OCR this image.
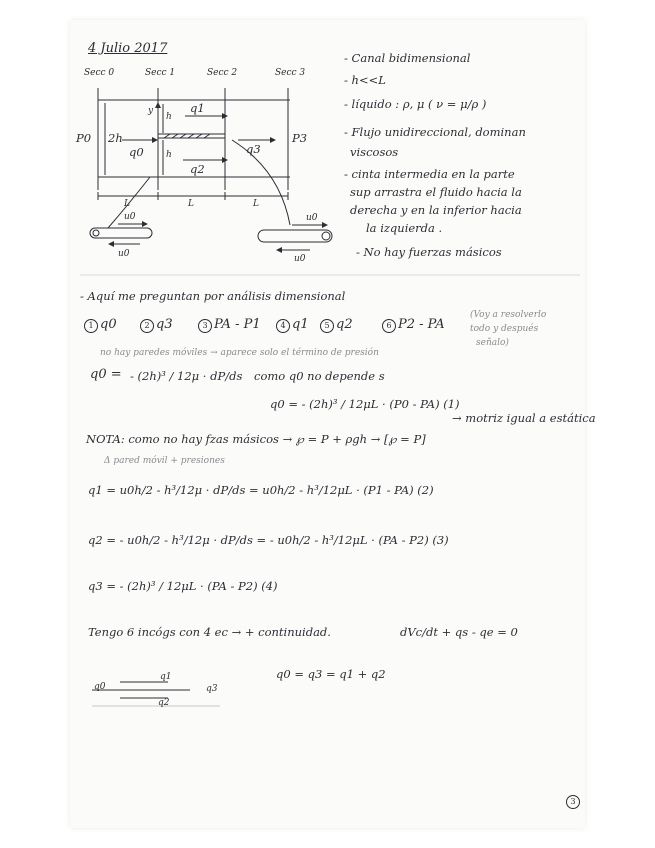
4 Julio 2017
Secc 0	Secc 1	Secc 2	Secc 3
P0	P3
2h
y
h
h
q0
q1
q2
q3
L	L	L
u0
u0
u0
u0
- Canal bidimensional
- h<<L
- líquido : ρ, μ ( ν = μ/ρ )
- Flujo unidireccional, dominan
viscosos
- cinta intermedia en la parte
sup arrastra el fluido hacia la
derecha y en la inferior hacia
la izquierda .
- No hay fuerzas másicos
- Aquí me preguntan por análisis dimensional
1 q0	2 q3	3 PA - P1	4 q1	5 q2	6 P2 - PA
(Voy a resolverlo
todo y después
señalo)
no hay paredes móviles → aparece solo el término de presión
q0 = - (2h)³ / 12μ · dP/ds como q0 no depende s
q0 = - (2h)³ / 12μL · (P0 - PA) (1)
NOTA: como no hay fzas másicos → ℘ = P + ρgh → [℘ = P]
→ motriz igual a estática
Δ pared móvil + presiones
q1 = u0h/2 - h³/12μ · dP/ds = u0h/2 - h³/12μL · (P1 - PA) (2)
q2 = - u0h/2 - h³/12μ · dP/ds = - u0h/2 - h³/12μL · (PA - P2) (3)
q3 = - (2h)³ / 12μL · (PA - P2) (4)
Tengo 6 incógs con 4 ec → + continuidad.	dVc/dt + qs - qe = 0
q0
q1
q2
q3
q0 = q3 = q1 + q2
3
